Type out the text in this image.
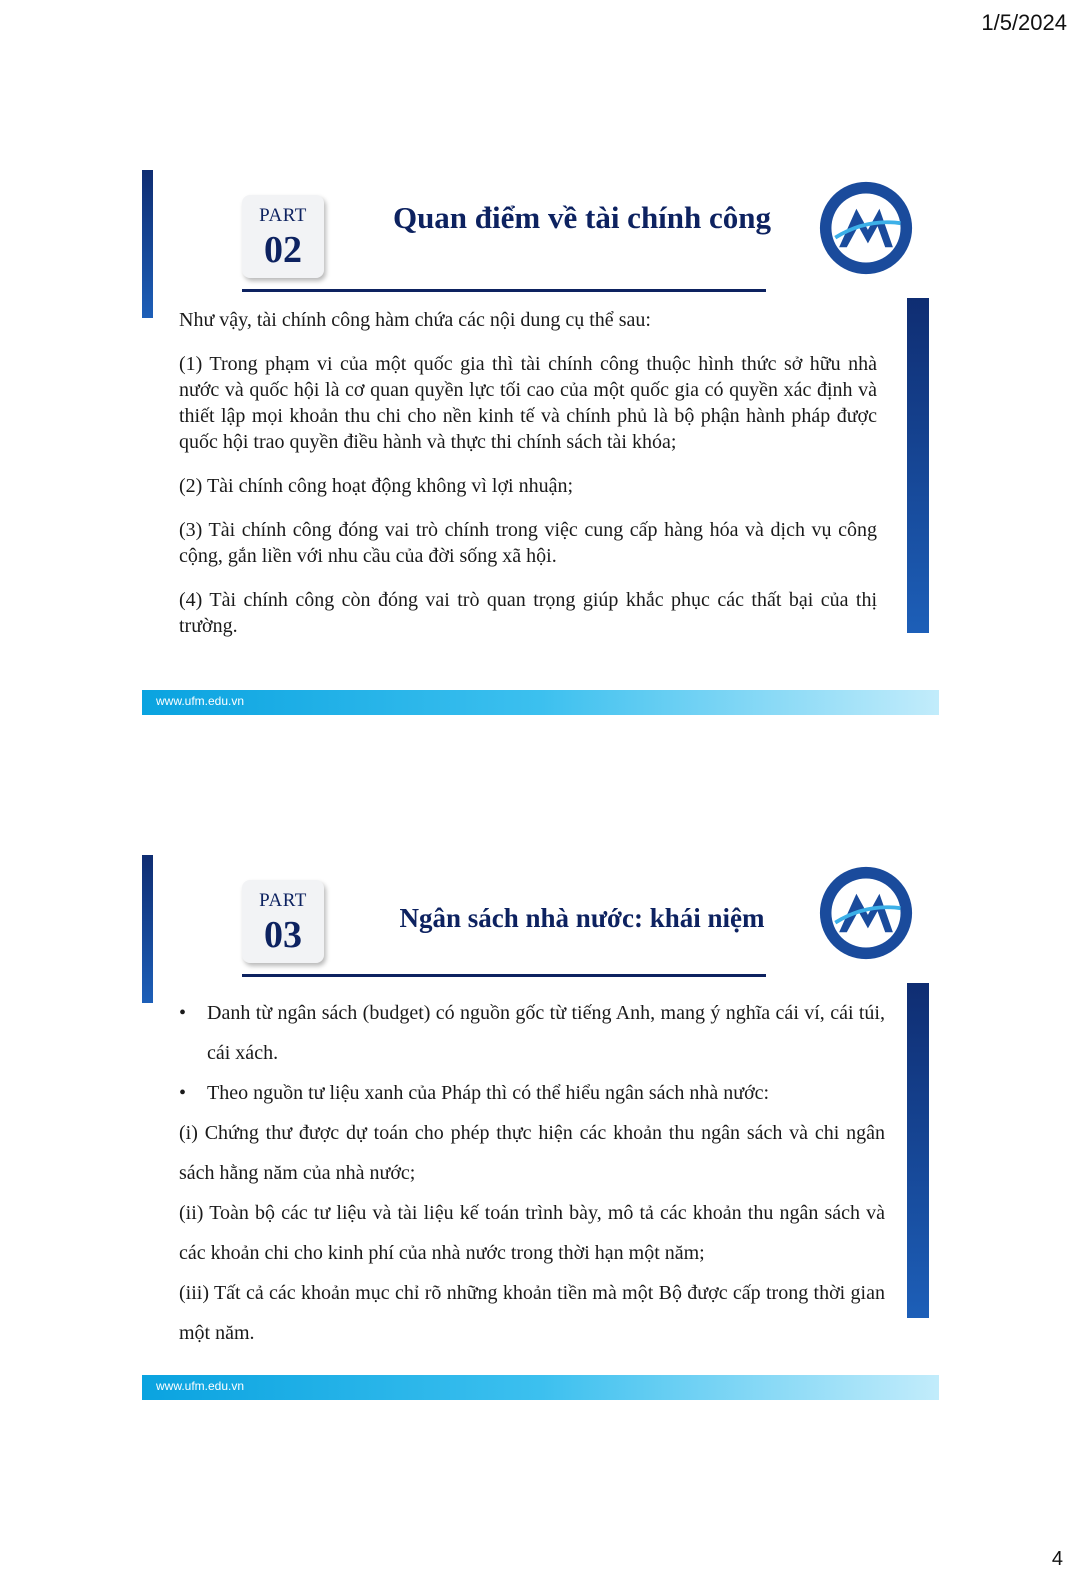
1/5/2024
PART
02
Quan điểm về tài chính công

Như vậy, tài chính công hàm chứa các nội dung cụ thể sau:

(1) Trong phạm vi của một quốc gia thì tài chính công thuộc hình thức sở hữu nhà nước và quốc hội là cơ quan quyền lực tối cao của một quốc gia có quyền xác định và thiết lập mọi khoản thu chi cho nền kinh tế và chính phủ là bộ phận hành pháp được quốc hội trao quyền điều hành và thực thi chính sách tài khóa;

(2) Tài chính công hoạt động không vì lợi nhuận;

(3) Tài chính công đóng vai trò chính trong việc cung cấp hàng hóa và dịch vụ công cộng, gắn liền với nhu cầu của đời sống xã hội.

(4) Tài chính công còn đóng vai trò quan trọng giúp khắc phục các thất bại của thị trường.

www.ufm.edu.vn
PART
03	Ngân sách nhà nước: khái niệm
•	Danh từ ngân sách (budget) có nguồn gốc từ tiếng Anh, mang ý nghĩa cái ví, cái túi, cái xách.
•	Theo nguồn tư liệu xanh của Pháp thì có thể hiểu ngân sách nhà nước:

(i) Chứng thư được dự toán cho phép thực hiện các khoản thu ngân sách và chi ngân sách hằng năm của nhà nước;

(ii) Toàn bộ các tư liệu và tài liệu kế toán trình bày, mô tả các khoản thu ngân sách và các khoản chi cho kinh phí của nhà nước trong thời hạn một năm;

(iii) Tất cả các khoản mục chỉ rõ những khoản tiền mà một Bộ được cấp trong thời gian một năm.

www.ufm.edu.vn
4
